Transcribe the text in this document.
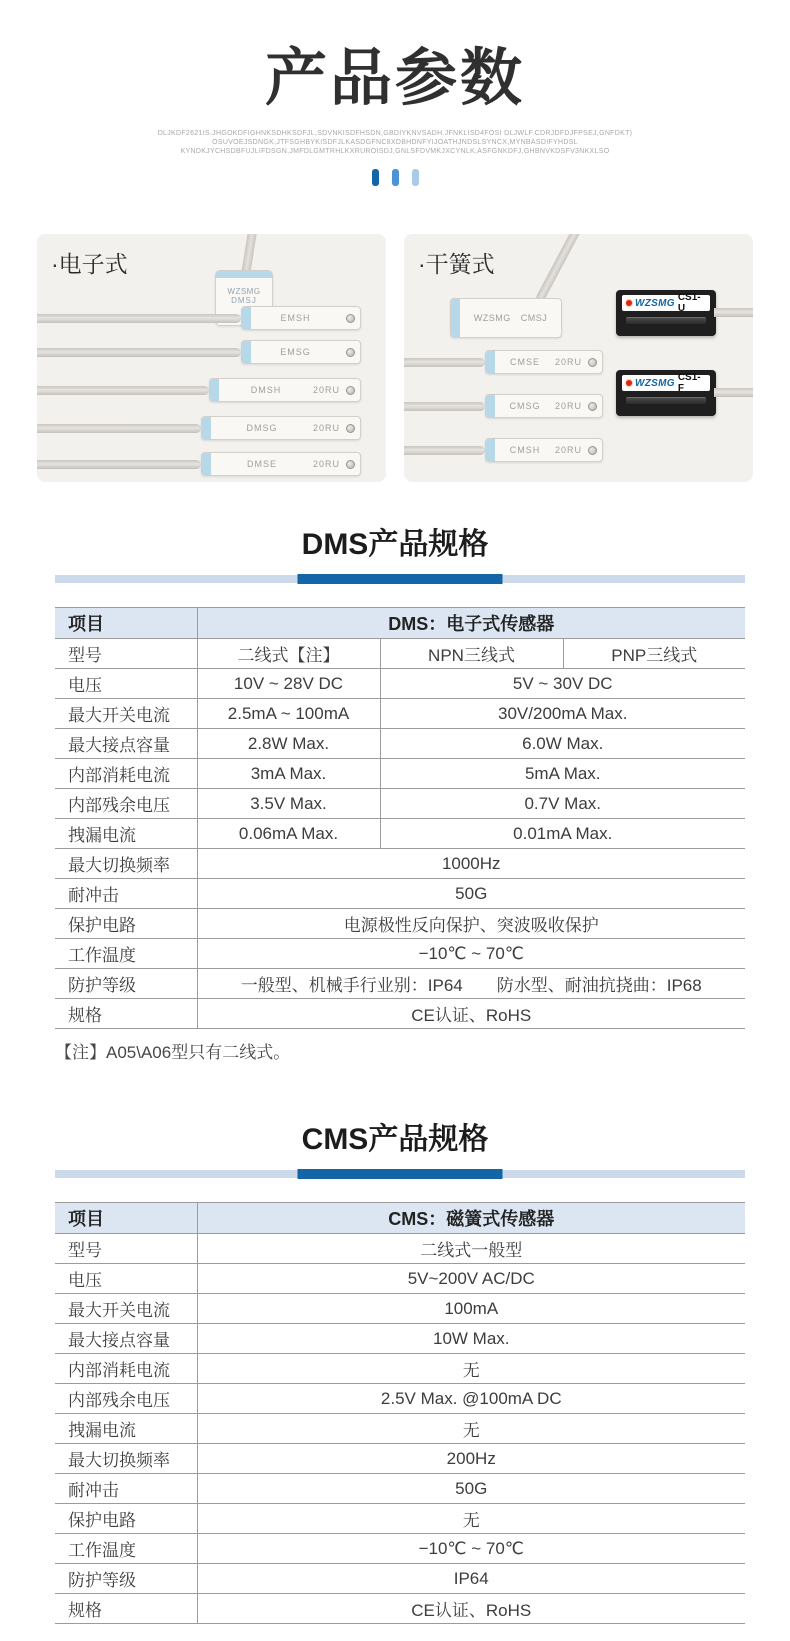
产品参数
DLJKDF2621IS.JHGOKDFIGHNKSDHKSDFJL,SDVNKISDFHSDN,GBDIYKNVSADH.JFNKLISD4FOSI DLJWLF.CDRJDFDJFPSEJ,GNFDKT)
OSUVOEJSDNGK,JTFSGHBYKISDFJLKASDGFNC8XDBHDNFYIJOATHJNDSLSYNCX,MYNBASDIFYHDSL
KYNDKJYCHSDBFUJLIFDSGN,JMFDLGMTRHLKXRUROISDJ,GNLSFDVMKJXCYNLK,ASFGNKDFJ,GHBNVKDSFV3NKXLSO
·电子式
WZSMG
DMSJ
EMSH
EMSG
DMSH	20RU
DMSG	20RU
DMSE	20RU
·干簧式
WZSMG CMSJ
CMSE	20RU
CMSG	20RU
CMSH	20RU
WZSMG CS1-U
WZSMG CS1-F
DMS产品规格
项目	DMS：电子式传感器		
型号	二线式【注】	NPN三线式	PNP三线式
电压	10V ~ 28V DC	5V ~ 30V DC	
最大开关电流	2.5mA ~ 100mA	30V/200mA Max.	
最大接点容量	2.8W Max.	6.0W Max.	
内部消耗电流	3mA Max.	5mA Max.	
内部残余电压	3.5V Max.	0.7V Max.	
拽漏电流	0.06mA Max.	0.01mA Max.	
最大切换频率	1000Hz		
耐冲击	50G		
保护电路	电源极性反向保护、突波吸收保护		
工作温度	−10℃ ~ 70℃		
防护等级	一般型、机械手行业别：IP64　　防水型、耐油抗挠曲：IP68		
规格	CE认证、RoHS		

【注】A05\A06型只有二线式。

CMS产品规格
项目	CMS：磁簧式传感器
型号	二线式一般型
电压	5V~200V AC/DC
最大开关电流	100mA
最大接点容量	10W Max.
内部消耗电流	无
内部残余电压	2.5V Max. @100mA DC
拽漏电流	无
最大切换频率	200Hz
耐冲击	50G
保护电路	无
工作温度	−10℃ ~ 70℃
防护等级	IP64
规格	CE认证、RoHS
